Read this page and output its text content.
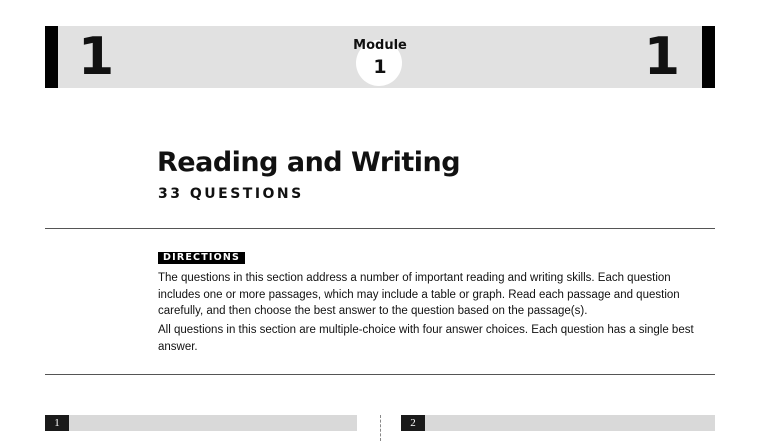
1	Module
1	1
Reading and Writing
33 QUESTIONS
DIRECTIONS
The questions in this section address a number of important reading and writing skills. Each question includes one or more passages, which may include a table or graph. Read each passage and question carefully, and then choose the best answer to the question based on the passage(s).
All questions in this section are multiple-choice with four answer choices. Each question has a single best answer.
1	2
